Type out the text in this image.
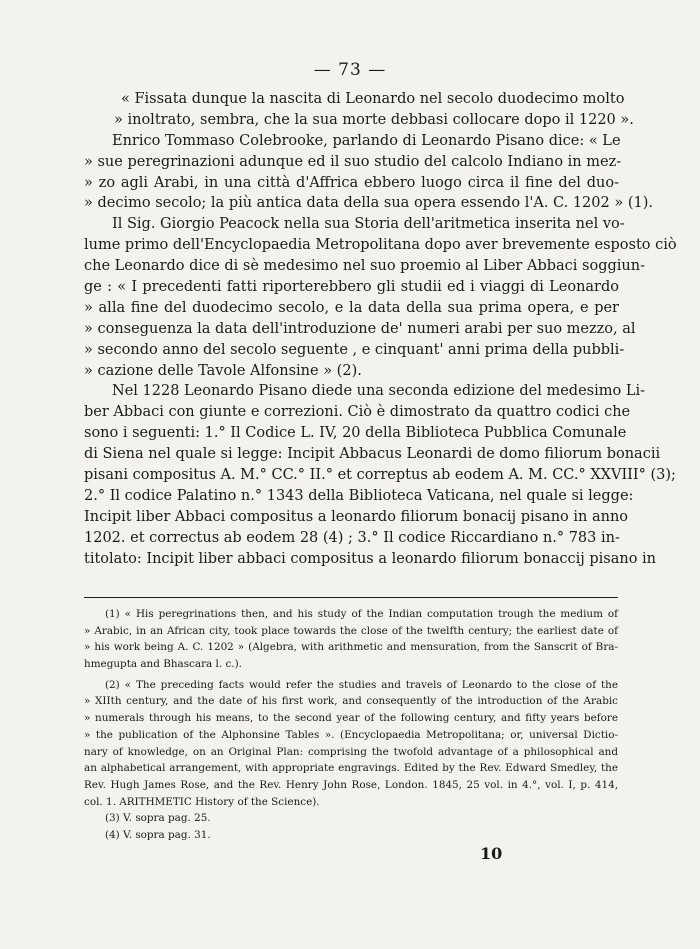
— 73 —
« Fissata dunque la nascita di Leonardo nel secolo duodecimo molto
» inoltrato, sembra, che la sua morte debbasi collocare dopo il 1220 ».
Enrico Tommaso Colebrooke, parlando di Leonardo Pisano dice: « Le
» sue peregrinazioni adunque ed il suo studio del calcolo Indiano in mez-
» zo agli Arabi, in una città d'Affrica ebbero luogo circa il fine del duo-
» decimo secolo; la più antica data della sua opera essendo l'A. C. 1202 » (1).
Il Sig. Giorgio Peacock nella sua Storia dell'aritmetica inserita nel vo-
lume primo dell'Encyclopaedia Metropolitana dopo aver brevemente esposto ciò
che Leonardo dice di sè medesimo nel suo proemio al Liber Abbaci soggiun-
ge : « I precedenti fatti riporterebbero gli studii ed i viaggi di Leonardo
» alla fine del duodecimo secolo, e la data della sua prima opera, e per
» conseguenza la data dell'introduzione de' numeri arabi per suo mezzo, al
» secondo anno del secolo seguente , e cinquant' anni prima della pubbli-
» cazione delle Tavole Alfonsine » (2).
Nel 1228 Leonardo Pisano diede una seconda edizione del medesimo Li-
ber Abbaci con giunte e correzioni. Ciò è dimostrato da quattro codici che
sono i seguenti: 1.° Il Codice L. IV, 20 della Biblioteca Pubblica Comunale
di Siena nel quale si legge: Incipit Abbacus Leonardi de domo filiorum bonacii
pisani compositus A. M.° CC.° II.° et correptus ab eodem A. M. CC.° XXVIII° (3);
2.° Il codice Palatino n.° 1343 della Biblioteca Vaticana, nel quale si legge:
Incipit liber Abbaci compositus a leonardo filiorum bonacij pisano in anno
1202. et correctus ab eodem 28 (4) ; 3.° Il codice Riccardiano n.° 783 in-
titolato: Incipit liber abbaci compositus a leonardo filiorum bonaccij pisano in
(1) « His peregrinations then, and his study of the Indian computation trough the medium of
» Arabic, in an African city, took place towards the close of the twelfth century; the earliest date of
» his work being A. C. 1202 » (Algebra, with arithmetic and mensuration, from the Sanscrit of Bra-
hmegupta and Bhascara l. c.).
(2) « The preceding facts would refer the studies and travels of Leonardo to the close of the
» XIIth century, and the date of his first work, and consequently of the introduction of the Arabic
» numerals through his means, to the second year of the following century, and fifty years before
» the publication of the Alphonsine Tables ». (Encyclopaedia Metropolitana; or, universal Dictio-
nary of knowledge, on an Original Plan: comprising the twofold advantage of a philosophical and
an alphabetical arrangement, with appropriate engravings. Edited by the Rev. Edward Smedley, the
Rev. Hugh James Rose, and the Rev. Henry John Rose, London. 1845, 25 vol. in 4.°, vol. I, p. 414,
col. 1. ARITHMETIC History of the Science).
(3) V. sopra pag. 25.
(4) V. sopra pag. 31.
10
